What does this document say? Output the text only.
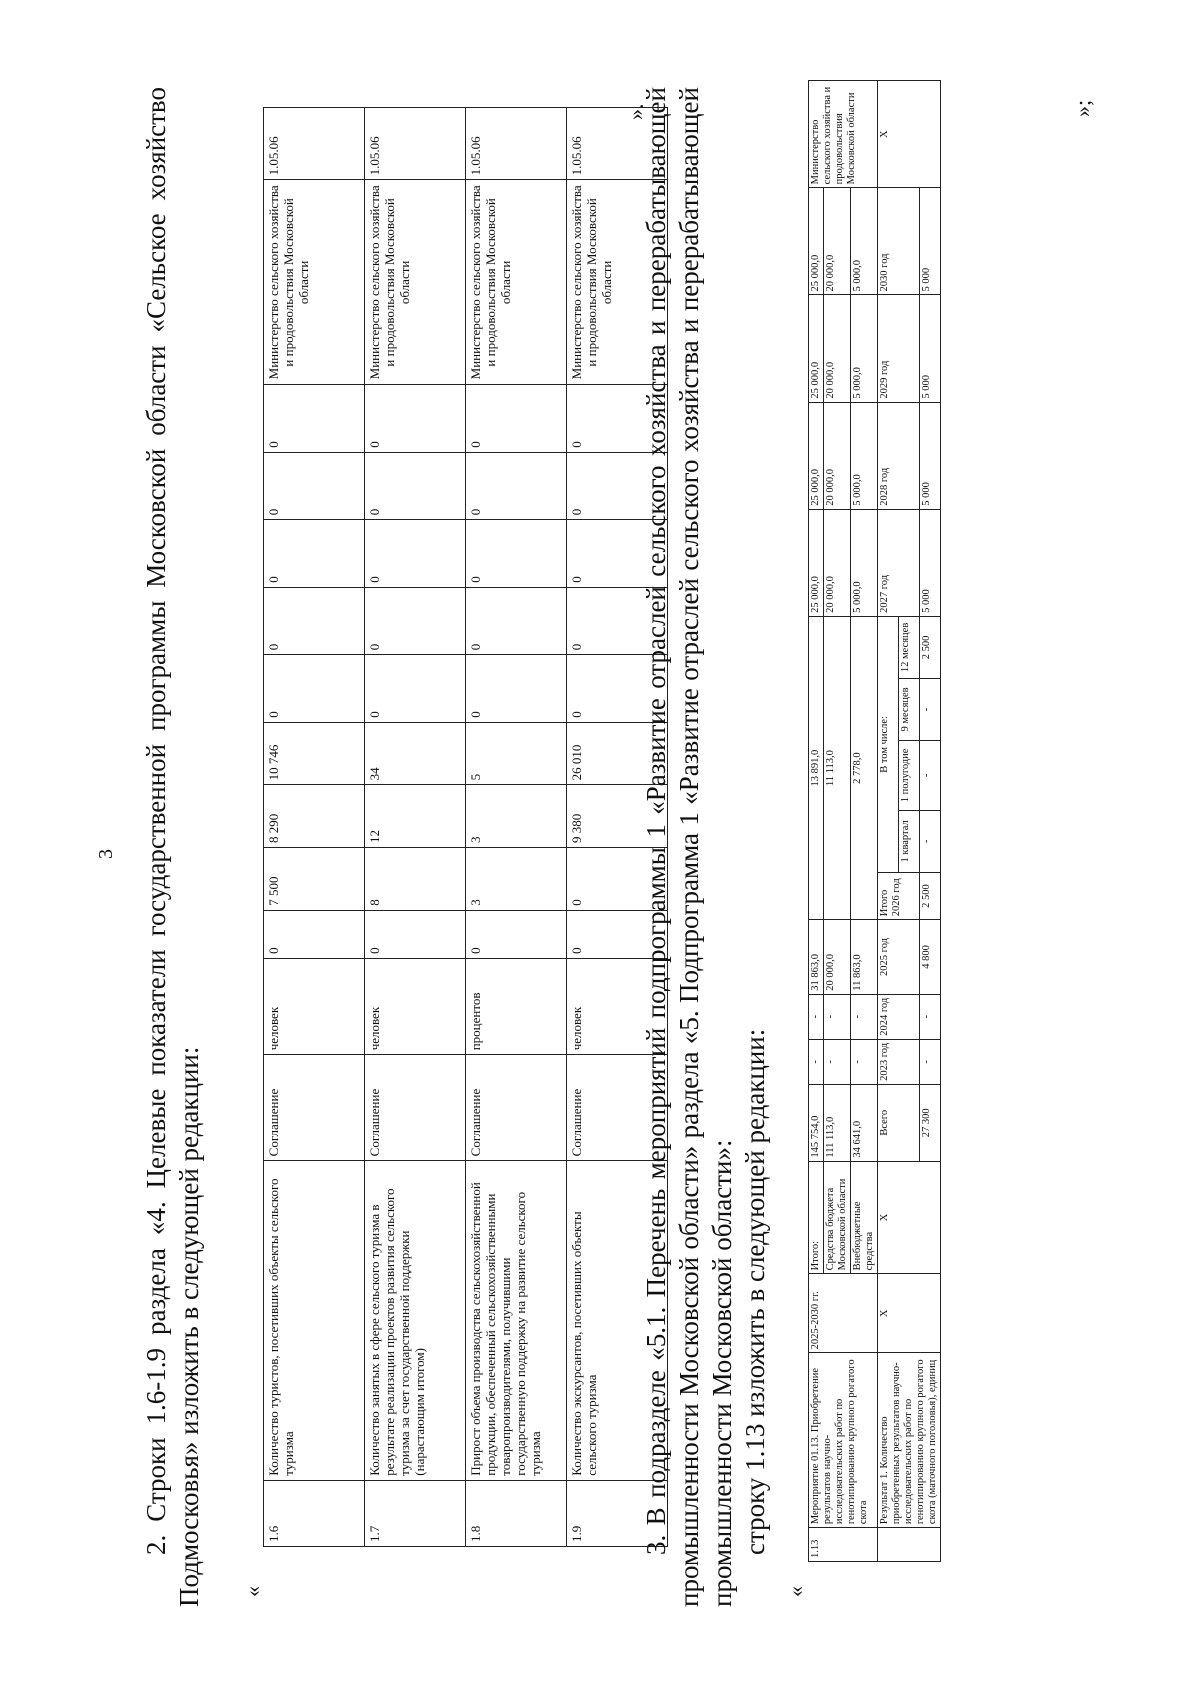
3 2. Строки 1.6-1.9 раздела «4. Целевые показатели государственной программы Московской области «Сельское хозяйство Подмосковья» изложить в следующей редакции: «
1.6	Количество туристов, посетивших объекты сельского туризма	Соглашение	человек	0	7 500	8 290	10 746	0	0	0	0	0	Министерство сельского хозяйства и продовольствия Московской области	1.05.06
1.7	Количество занятых в сфере сельского туризма в результате реализации проектов развития сельского туризма за счет государственной поддержки (нарастающим итогом)	Соглашение	человек	0	8	12	34	0	0	0	0	0	Министерство сельского хозяйства и продовольствия Московской области	1.05.06
1.8	Прирост объема производства сельскохозяйственной продукции, обеспеченный сельскохозяйственными товаропроизводителями, получившими государственную поддержку на развитие сельского туризма	Соглашение	процентов	0	3	3	5	0	0	0	0	0	Министерство сельского хозяйства и продовольствия Московской области	1.05.06
1.9	Количество экскурсантов, посетивших объекты сельского туризма	Соглашение	человек	0	0	9 380	26 010	0	0	0	0	0	Министерство сельского хозяйства и продовольствия Московской области	1.05.06
».

3. В подразделе «5.1. Перечень мероприятий подпрограммы 1 «Развитие отраслей сельского хозяйства и перерабатывающей промышленности Московской области» раздела «5. Подпрограмма 1 «Развитие отраслей сельского хозяйства и перерабатывающей промышленности Московской области»: строку 1.13 изложить в следующей редакции:

«
1.13	Мероприятие 01.13. Приобретение результатов научно-исследовательских работ по генотипированию крупного рогатого скота	2025-2030 гг.	Итого:	145 754,0	-	-	31 863,0	13 891,0					25 000,0	25 000,0	25 000,0	25 000,0	Министерство сельского хозяйства и продовольствия Московской области
			Средства бюджета Московской области	111 113,0	-	-	20 000,0	11 113,0					20 000,0	20 000,0	20 000,0	20 000,0	
			Внебюджетные средства	34 641,0	-	-	11 863,0	2 778,0					5 000,0	5 000,0	5 000,0	5 000,0	
	Результат 1. Количество приобретенных результатов научно-исследовательских работ по генотипированию крупного рогатого скота (маточного поголовья), единиц	X	X	Всего	2023 год	2024 год	2025 год	Итого 2026 год	В том числе:				2027 год	2028 год	2029 год	2030 год	X
									1 квартал	1 полугодие	9 месяцев	12 месяцев					
				27 300	-	-	4 800	2 500	-	-	-	2 500	5 000	5 000	5 000	5 000	
»;
